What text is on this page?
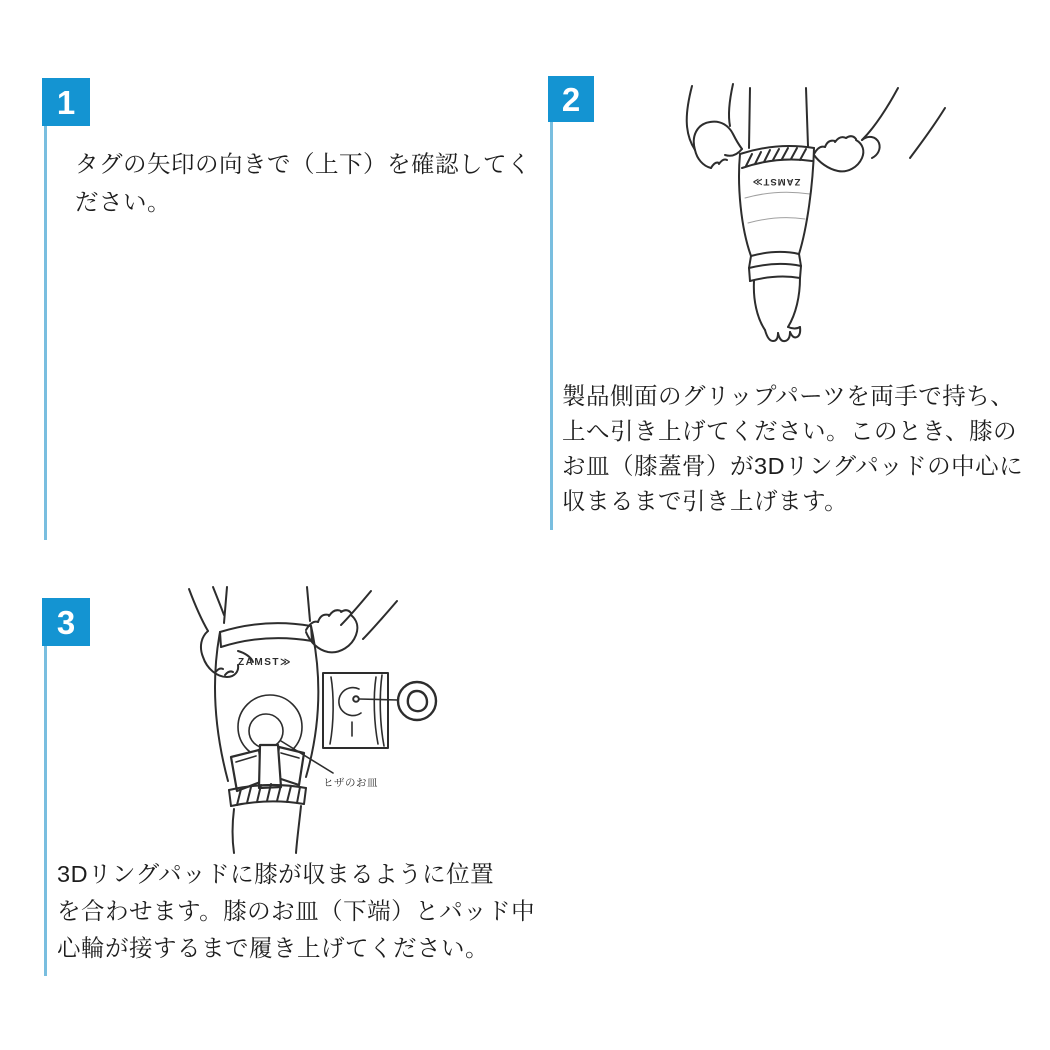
1
タグの矢印の向きで（上下）を確認してく
ださい。
2
ZAMST≫
製品側面のグリップパーツを両手で持ち、
上へ引き上げてください。このとき、膝の
お皿（膝蓋骨）が3Dリングパッドの中心に
収まるまで引き上げます。
3
ZAMST≫
ヒザのお皿
3Dリングパッドに膝が収まるように位置
を合わせます。膝のお皿（下端）とパッド中
心輪が接するまで履き上げてください。
